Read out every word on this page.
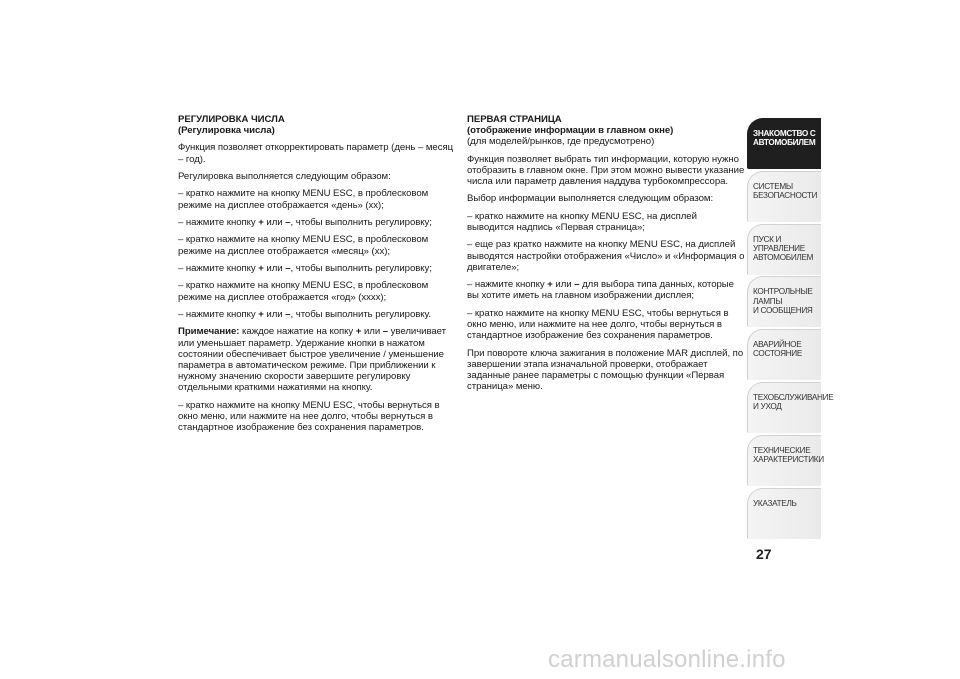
РЕГУЛИРОВКА ЧИСЛА
(Регулировка числа)

Функция позволяет откорректировать параметр (день – месяц – год).

Регулировка выполняется следующим образом:

– кратко нажмите на кнопку MENU ESC, в проблесковом режиме на дисплее отображается «день» (хх);

– нажмите кнопку + или –, чтобы выполнить регулировку;

– кратко нажмите на кнопку MENU ESC, в проблесковом режиме на дисплее отображается «месяц» (хх);

– нажмите кнопку + или –, чтобы выполнить регулировку;

– кратко нажмите на кнопку MENU ESC, в проблесковом режиме на дисплее отображается «год» (хххх);

– нажмите кнопку + или –, чтобы выполнить регулировку.

Примечание: каждое нажатие на копку + или – увеличивает или уменьшает параметр. Удержание кнопки в нажатом состоянии обеспечивает быстрое увеличение / уменьшение параметра в автоматическом режиме. При приближении к нужному значению скорости завершите регулировку отдельными краткими нажатиями на кнопку.

– кратко нажмите на кнопку MENU ESC, чтобы вернуться в окно меню, или нажмите на нее долго, чтобы вернуться в стандартное изображение без сохранения параметров.

ПЕРВАЯ СТРАНИЦА
(отображение информации в главном окне)
(для моделей/рынков, где предусмотрено)

Функция позволяет выбрать тип информации, которую нужно отобразить в главном окне. При этом можно вывести указание числа или параметр давления наддува турбокомпрессора.

Выбор информации выполняется следующим образом:

– кратко нажмите на кнопку MENU ESC, на дисплей выводится надпись «Первая страница»;

– еще раз кратко нажмите на кнопку MENU ESC, на дисплей выводятся настройки отображения «Число» и «Информация о двигателе»;

– нажмите кнопку + или – для выбора типа данных, которые вы хотите иметь на главном изображении дисплея;

– кратко нажмите на кнопку MENU ESC, чтобы вернуться в окно меню, или нажмите на нее долго, чтобы вернуться в стандартное изображение без сохранения параметров.

При повороте ключа зажигания в положение MAR дисплей, по завершении этапа изначальной проверки, отображает заданные ранее параметры с помощью функции «Первая страница» меню.

ЗНАКОМСТВО С
АВТОМОБИЛЕМ
СИСТЕМЫ
БЕЗОПАСНОСТИ
ПУСК И УПРАВЛЕНИЕ
АВТОМОБИЛЕМ
КОНТРОЛЬНЫЕ
ЛАМПЫ
И СООБЩЕНИЯ
АВАРИЙНОЕ
СОСТОЯНИЕ
ТЕХОБСЛУЖИВАНИЕ
И УХОД
ТЕХНИЧЕСКИЕ
ХАРАКТЕРИСТИКИ
УКАЗАТЕЛЬ
27
carmanualsonline.info
